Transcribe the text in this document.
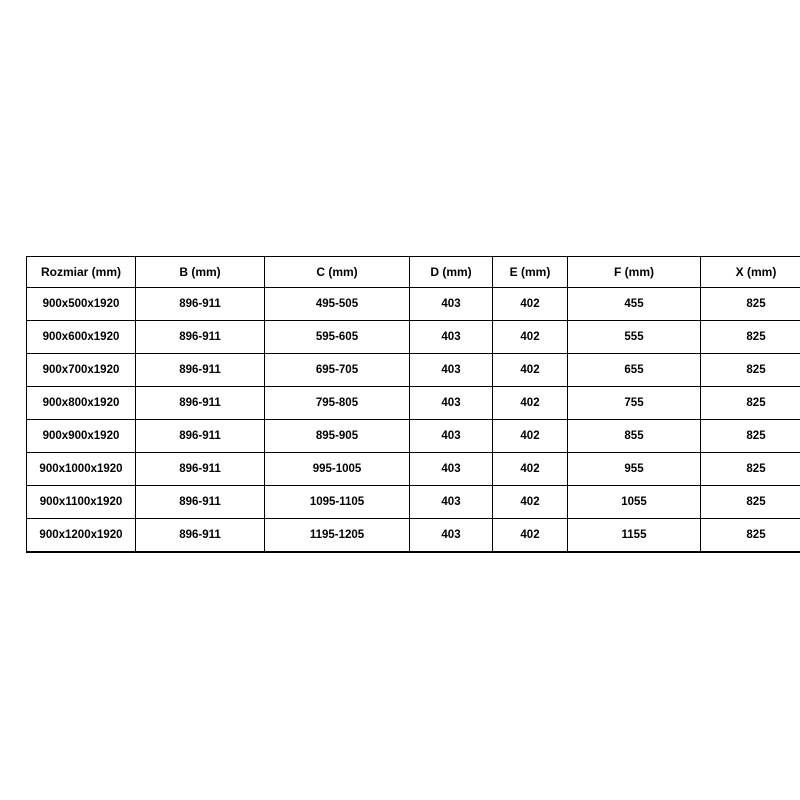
Rozmiar (mm)	B (mm)	C (mm)	D (mm)	E (mm)	F (mm)	X (mm)
900x500x1920	896-911	495-505	403	402	455	825
900x600x1920	896-911	595-605	403	402	555	825
900x700x1920	896-911	695-705	403	402	655	825
900x800x1920	896-911	795-805	403	402	755	825
900x900x1920	896-911	895-905	403	402	855	825
900x1000x1920	896-911	995-1005	403	402	955	825
900x1100x1920	896-911	1095-1105	403	402	1055	825
900x1200x1920	896-911	1195-1205	403	402	1155	825
